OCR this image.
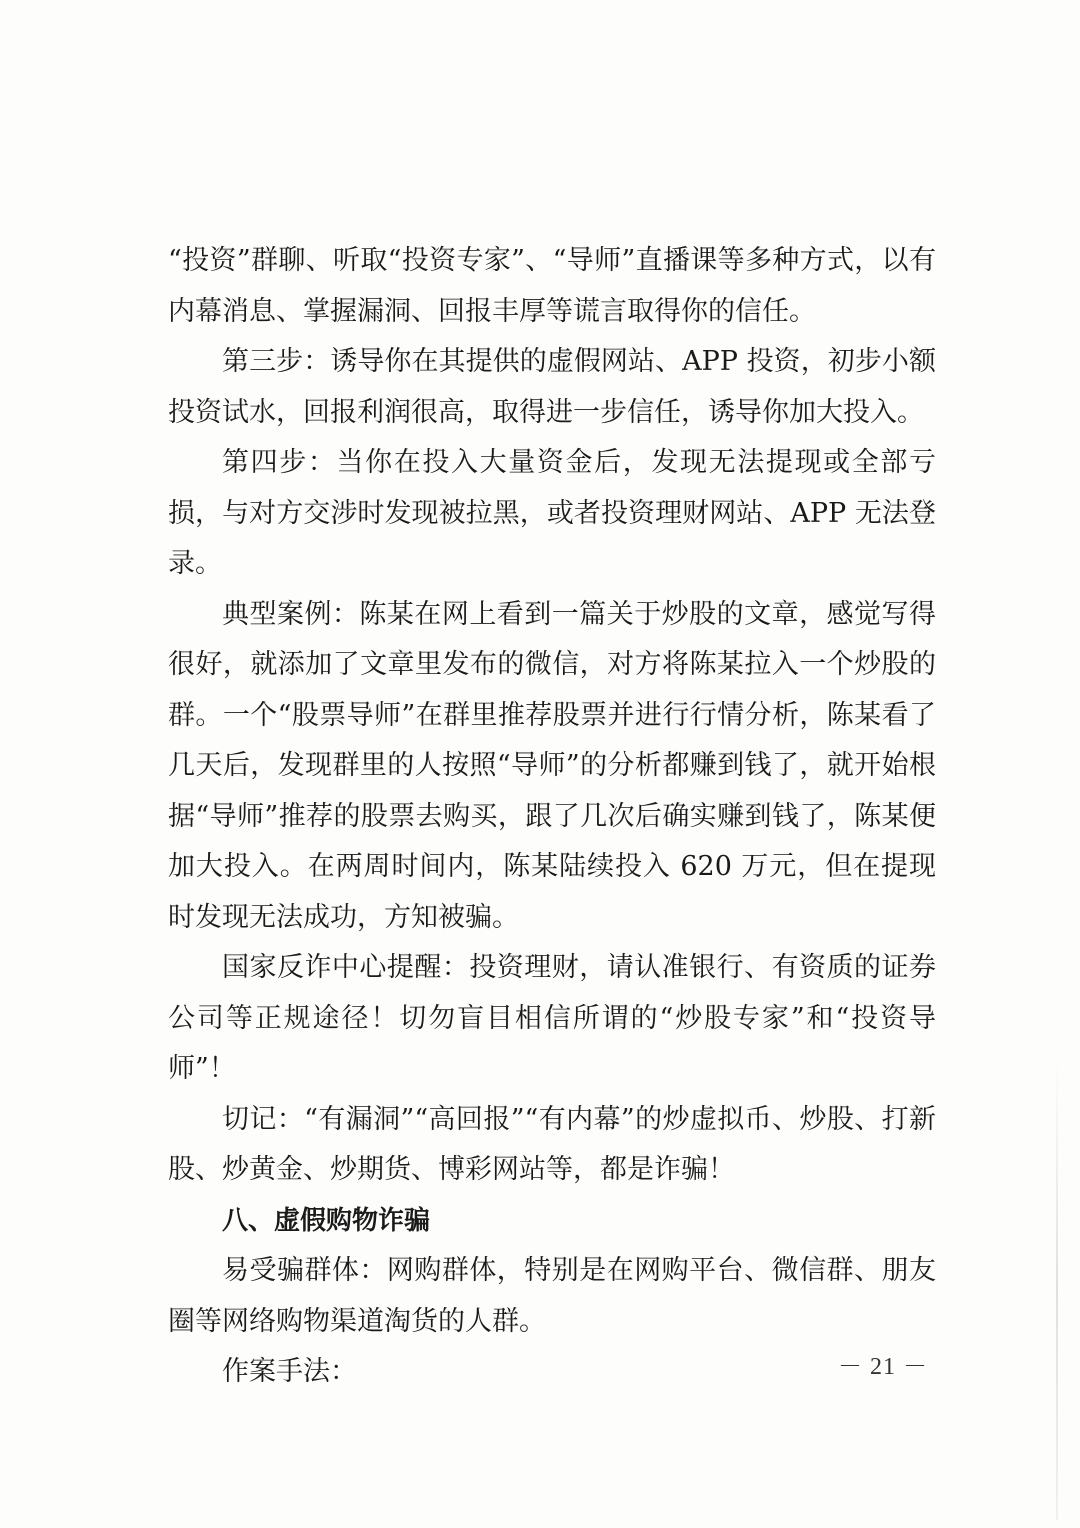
“投资”群聊、听取“投资专家”、“导师”直播课等多种方式，以有内幕消息、掌握漏洞、回报丰厚等谎言取得你的信任。

第三步：诱导你在其提供的虚假网站、APP 投资，初步小额投资试水，回报利润很高，取得进一步信任，诱导你加大投入。

第四步：当你在投入大量资金后，发现无法提现或全部亏损，与对方交涉时发现被拉黑，或者投资理财网站、APP 无法登录。

典型案例：陈某在网上看到一篇关于炒股的文章，感觉写得很好，就添加了文章里发布的微信，对方将陈某拉入一个炒股的群。一个“股票导师”在群里推荐股票并进行行情分析，陈某看了几天后，发现群里的人按照“导师”的分析都赚到钱了，就开始根据“导师”推荐的股票去购买，跟了几次后确实赚到钱了，陈某便加大投入。在两周时间内，陈某陆续投入 620 万元，但在提现时发现无法成功，方知被骗。

国家反诈中心提醒：投资理财，请认准银行、有资质的证券公司等正规途径！切勿盲目相信所谓的“炒股专家”和“投资导师”！

切记：“有漏洞”“高回报”“有内幕”的炒虚拟币、炒股、打新股、炒黄金、炒期货、博彩网站等，都是诈骗！

八、虚假购物诈骗

易受骗群体：网购群体，特别是在网购平台、微信群、朋友圈等网络购物渠道淘货的人群。

作案手法：	－ 21 －
